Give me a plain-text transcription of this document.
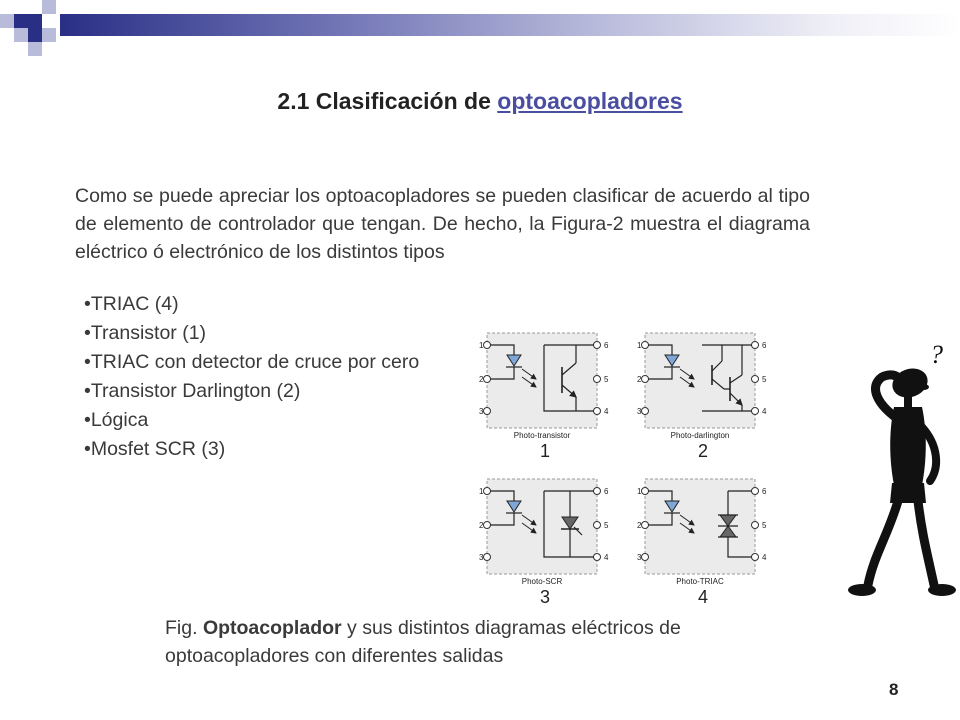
2.1 Clasificación de optoacopladores
Como se puede apreciar los optoacopladores se pueden clasificar de acuerdo al tipo de elemento de controlador que tengan. De hecho, la Figura-2 muestra el diagrama eléctrico ó electrónico de los distintos tipos
•TRIAC (4)
•Transistor (1)
•TRIAC con detector de cruce por cero
•Transistor Darlington (2)
•Lógica
•Mosfet SCR (3)
Photo-transistor
1
Photo-darlington
2
Photo-SCR
3
Photo-TRIAC
4
1
2
3
6
5
4
1
2
3
6
5
4
1
2
3
6
5
4
1
2
3
6
5
4
?
Fig. Optoacoplador y sus distintos diagramas eléctricos de optoacopladores con diferentes salidas
8
